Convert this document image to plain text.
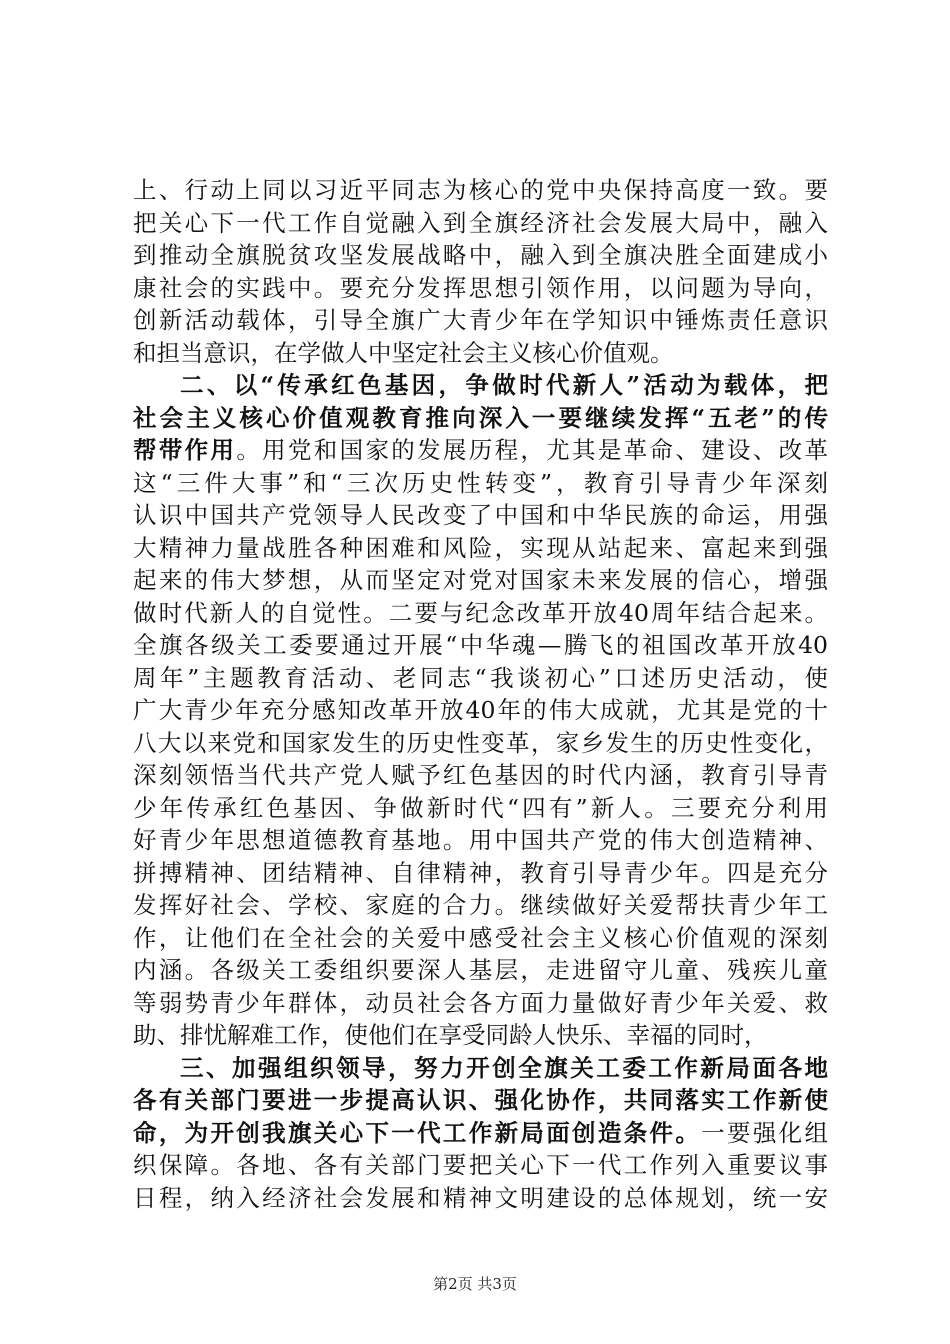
上、行动上同以习近平同志为核心的党中央保持高度一致。要
把关心下一代工作自觉融入到全旗经济社会发展大局中，融入
到推动全旗脱贫攻坚发展战略中，融入到全旗决胜全面建成小
康社会的实践中。要充分发挥思想引领作用，以问题为导向，
创新活动载体，引导全旗广大青少年在学知识中锤炼责任意识
和担当意识，在学做人中坚定社会主义核心价值观。
二、以“传承红色基因，争做时代新人”活动为载体，把
社会主义核心价值观教育推向深入一要继续发挥“五老”的传
帮带作用。用党和国家的发展历程，尤其是革命、建设、改革
这“三件大事”和“三次历史性转变”，教育引导青少年深刻
认识中国共产党领导人民改变了中国和中华民族的命运，用强
大精神力量战胜各种困难和风险，实现从站起来、富起来到强
起来的伟大梦想，从而坚定对党对国家未来发展的信心，增强
做时代新人的自觉性。二要与纪念改革开放40周年结合起来。
全旗各级关工委要通过开展“中华魂—腾飞的祖国改革开放40
周年”主题教育活动、老同志“我谈初心”口述历史活动，使
广大青少年充分感知改革开放40年的伟大成就，尤其是党的十
八大以来党和国家发生的历史性变革，家乡发生的历史性变化，
深刻领悟当代共产党人赋予红色基因的时代内涵，教育引导青
少年传承红色基因、争做新时代“四有”新人。三要充分利用
好青少年思想道德教育基地。用中国共产党的伟大创造精神、
拼搏精神、团结精神、自律精神，教育引导青少年。四是充分
发挥好社会、学校、家庭的合力。继续做好关爱帮扶青少年工
作，让他们在全社会的关爱中感受社会主义核心价值观的深刻
内涵。各级关工委组织要深人基层，走进留守儿童、残疾儿童
等弱势青少年群体，动员社会各方面力量做好青少年关爱、救
助、排忧解难工作，使他们在享受同龄人快乐、幸福的同时，
三、加强组织领导，努力开创全旗关工委工作新局面各地
各有关部门要进一步提高认识、强化协作，共同落实工作新使
命，为开创我旗关心下一代工作新局面创造条件。一要强化组
织保障。各地、各有关部门要把关心下一代工作列入重要议事
日程，纳入经济社会发展和精神文明建设的总体规划，统一安
第2页 共3页
